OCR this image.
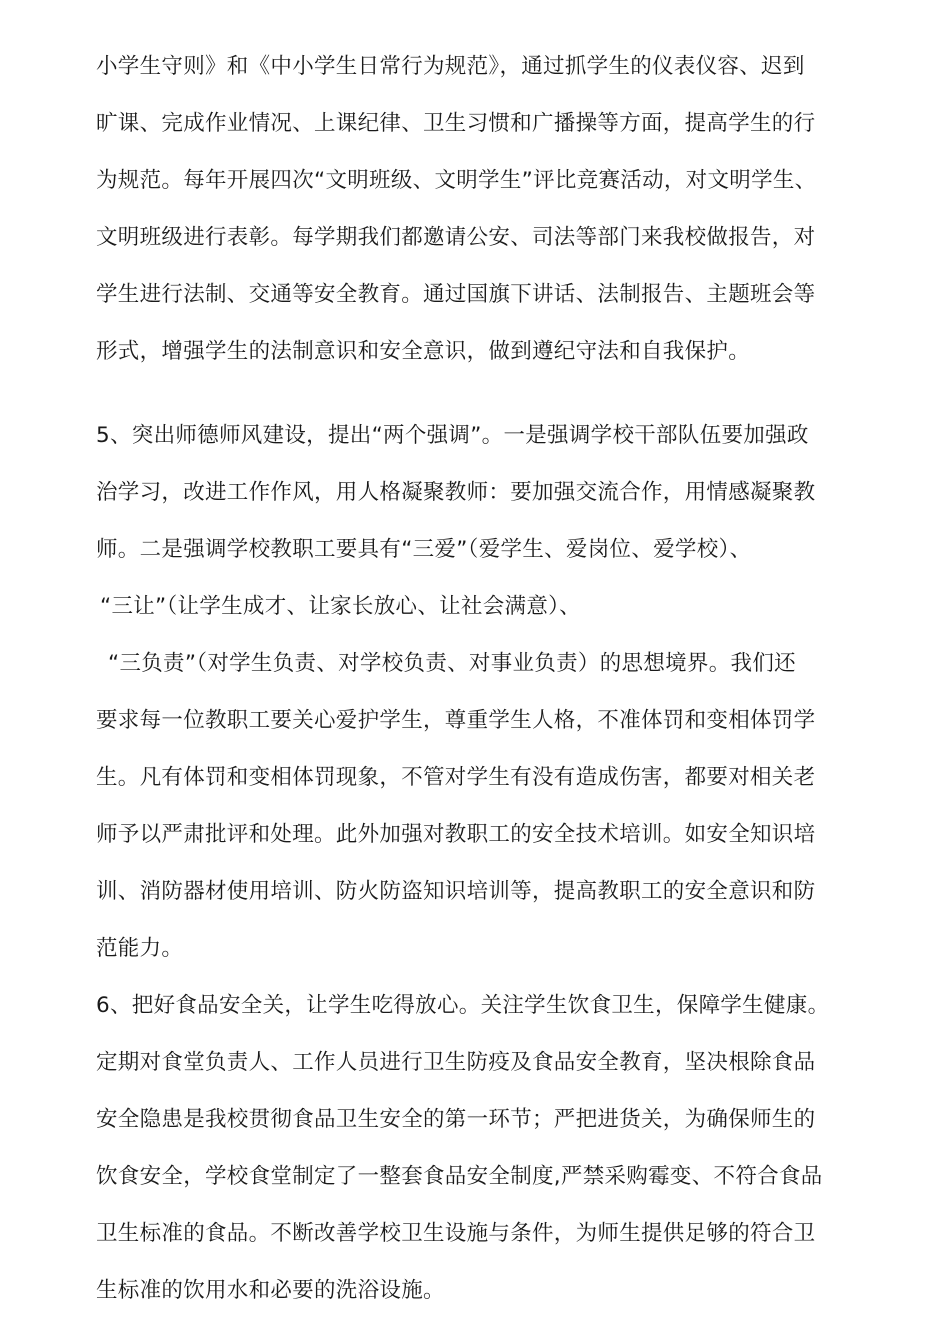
小学生守则》和《中小学生日常行为规范》，通过抓学生的仪表仪容、迟到
旷课、完成作业情况、上课纪律、卫生习惯和广播操等方面，提高学生的行
为规范。每年开展四次“文明班级、文明学生”评比竞赛活动，对文明学生、
文明班级进行表彰。每学期我们都邀请公安、司法等部门来我校做报告，对
学生进行法制、交通等安全教育。通过国旗下讲话、法制报告、主题班会等
形式，增强学生的法制意识和安全意识，做到遵纪守法和自我保护。
5、突出师德师风建设，提出“两个强调”。一是强调学校干部队伍要加强政
治学习，改进工作作风，用人格凝聚教师：要加强交流合作，用情感凝聚教
师。二是强调学校教职工要具有“三爱”（爱学生、爱岗位、爱学校）、
“三让”（让学生成才、让家长放心、让社会满意）、
“三负责”（对学生负责、对学校负责、对事业负责）的思想境界。我们还
要求每一位教职工要关心爱护学生，尊重学生人格，不准体罚和变相体罚学
生。凡有体罚和变相体罚现象，不管对学生有没有造成伤害，都要对相关老
师予以严肃批评和处理。此外加强对教职工的安全技术培训。如安全知识培
训、消防器材使用培训、防火防盗知识培训等，提高教职工的安全意识和防
范能力。
6、把好食品安全关，让学生吃得放心。关注学生饮食卫生，保障学生健康。
定期对食堂负责人、工作人员进行卫生防疫及食品安全教育，坚决根除食品
安全隐患是我校贯彻食品卫生安全的第一环节；严把进货关，为确保师生的
饮食安全，学校食堂制定了一整套食品安全制度,严禁采购霉变、不符合食品
卫生标准的食品。不断改善学校卫生设施与条件，为师生提供足够的符合卫
生标准的饮用水和必要的洗浴设施。
